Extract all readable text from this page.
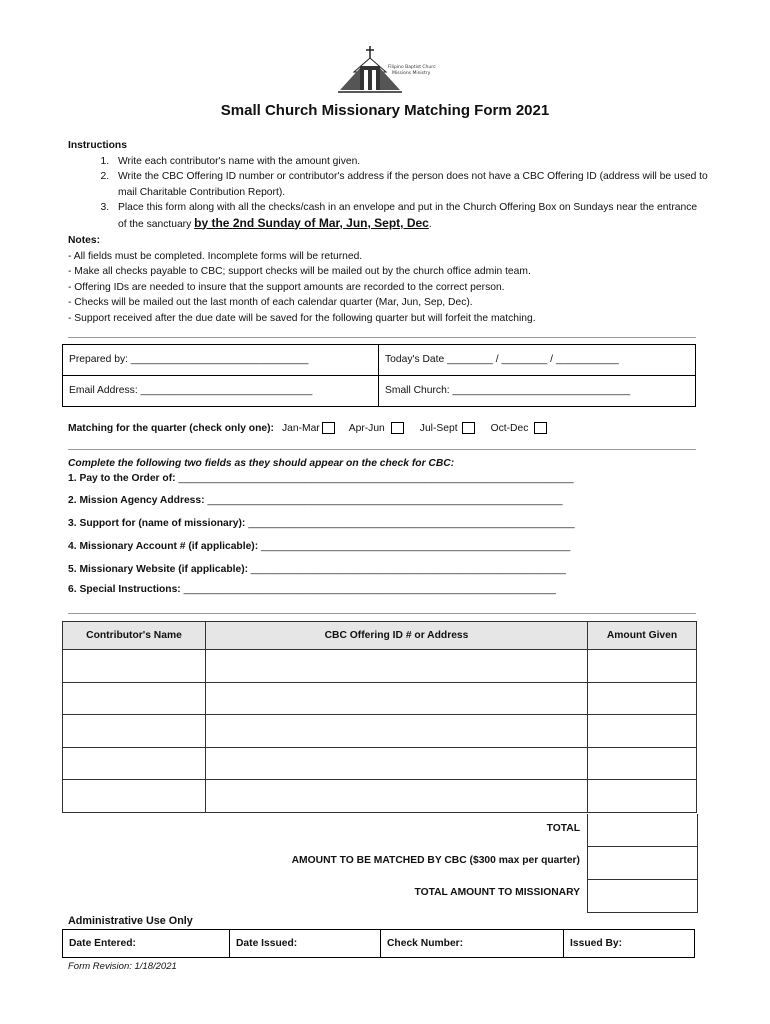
Filipino Baptist Church
Missions Ministry
Small Church Missionary Matching Form 2021
Instructions
1. Write each contributor's name with the amount given.
2. Write the CBC Offering ID number or contributor's address if the person does not have a CBC Offering ID (address will be used to mail Charitable Contribution Report).
3. Place this form along with all the checks/cash in an envelope and put in the Church Offering Box on Sundays near the entrance of the sanctuary by the 2nd Sunday of Mar, Jun, Sept, Dec.
Notes:
- All fields must be completed. Incomplete forms will be returned.
- Make all checks payable to CBC; support checks will be mailed out by the church office admin team.
- Offering IDs are needed to insure that the support amounts are recorded to the correct person.
- Checks will be mailed out the last month of each calendar quarter (Mar, Jun, Sep, Dec).
- Support received after the due date will be saved for the following quarter but will forfeit the matching.
Prepared by: _______________________________	Today's Date ________ / ________ / ___________
Email Address: ______________________________	Small Church: _______________________________
Matching for the quarter (check only one): Jan-Mar	Apr-Jun	Jul-Sept	Oct-Dec
Complete the following two fields as they should appear on the check for CBC:
1. Pay to the Order of: _____________________________________________________________________
2. Mission Agency Address: ______________________________________________________________
3. Support for (name of missionary): _________________________________________________________
4. Missionary Account # (if applicable): ______________________________________________________
5. Missionary Website (if applicable): _______________________________________________________
6. Special Instructions: _________________________________________________________________
Contributor's Name	CBC Offering ID # or Address	Amount Given

TOTAL
AMOUNT TO BE MATCHED BY CBC ($300 max per quarter)
TOTAL AMOUNT TO MISSIONARY
Administrative Use Only
Date Entered:	Date Issued:	Check Number:	Issued By:
Form Revision: 1/18/2021
